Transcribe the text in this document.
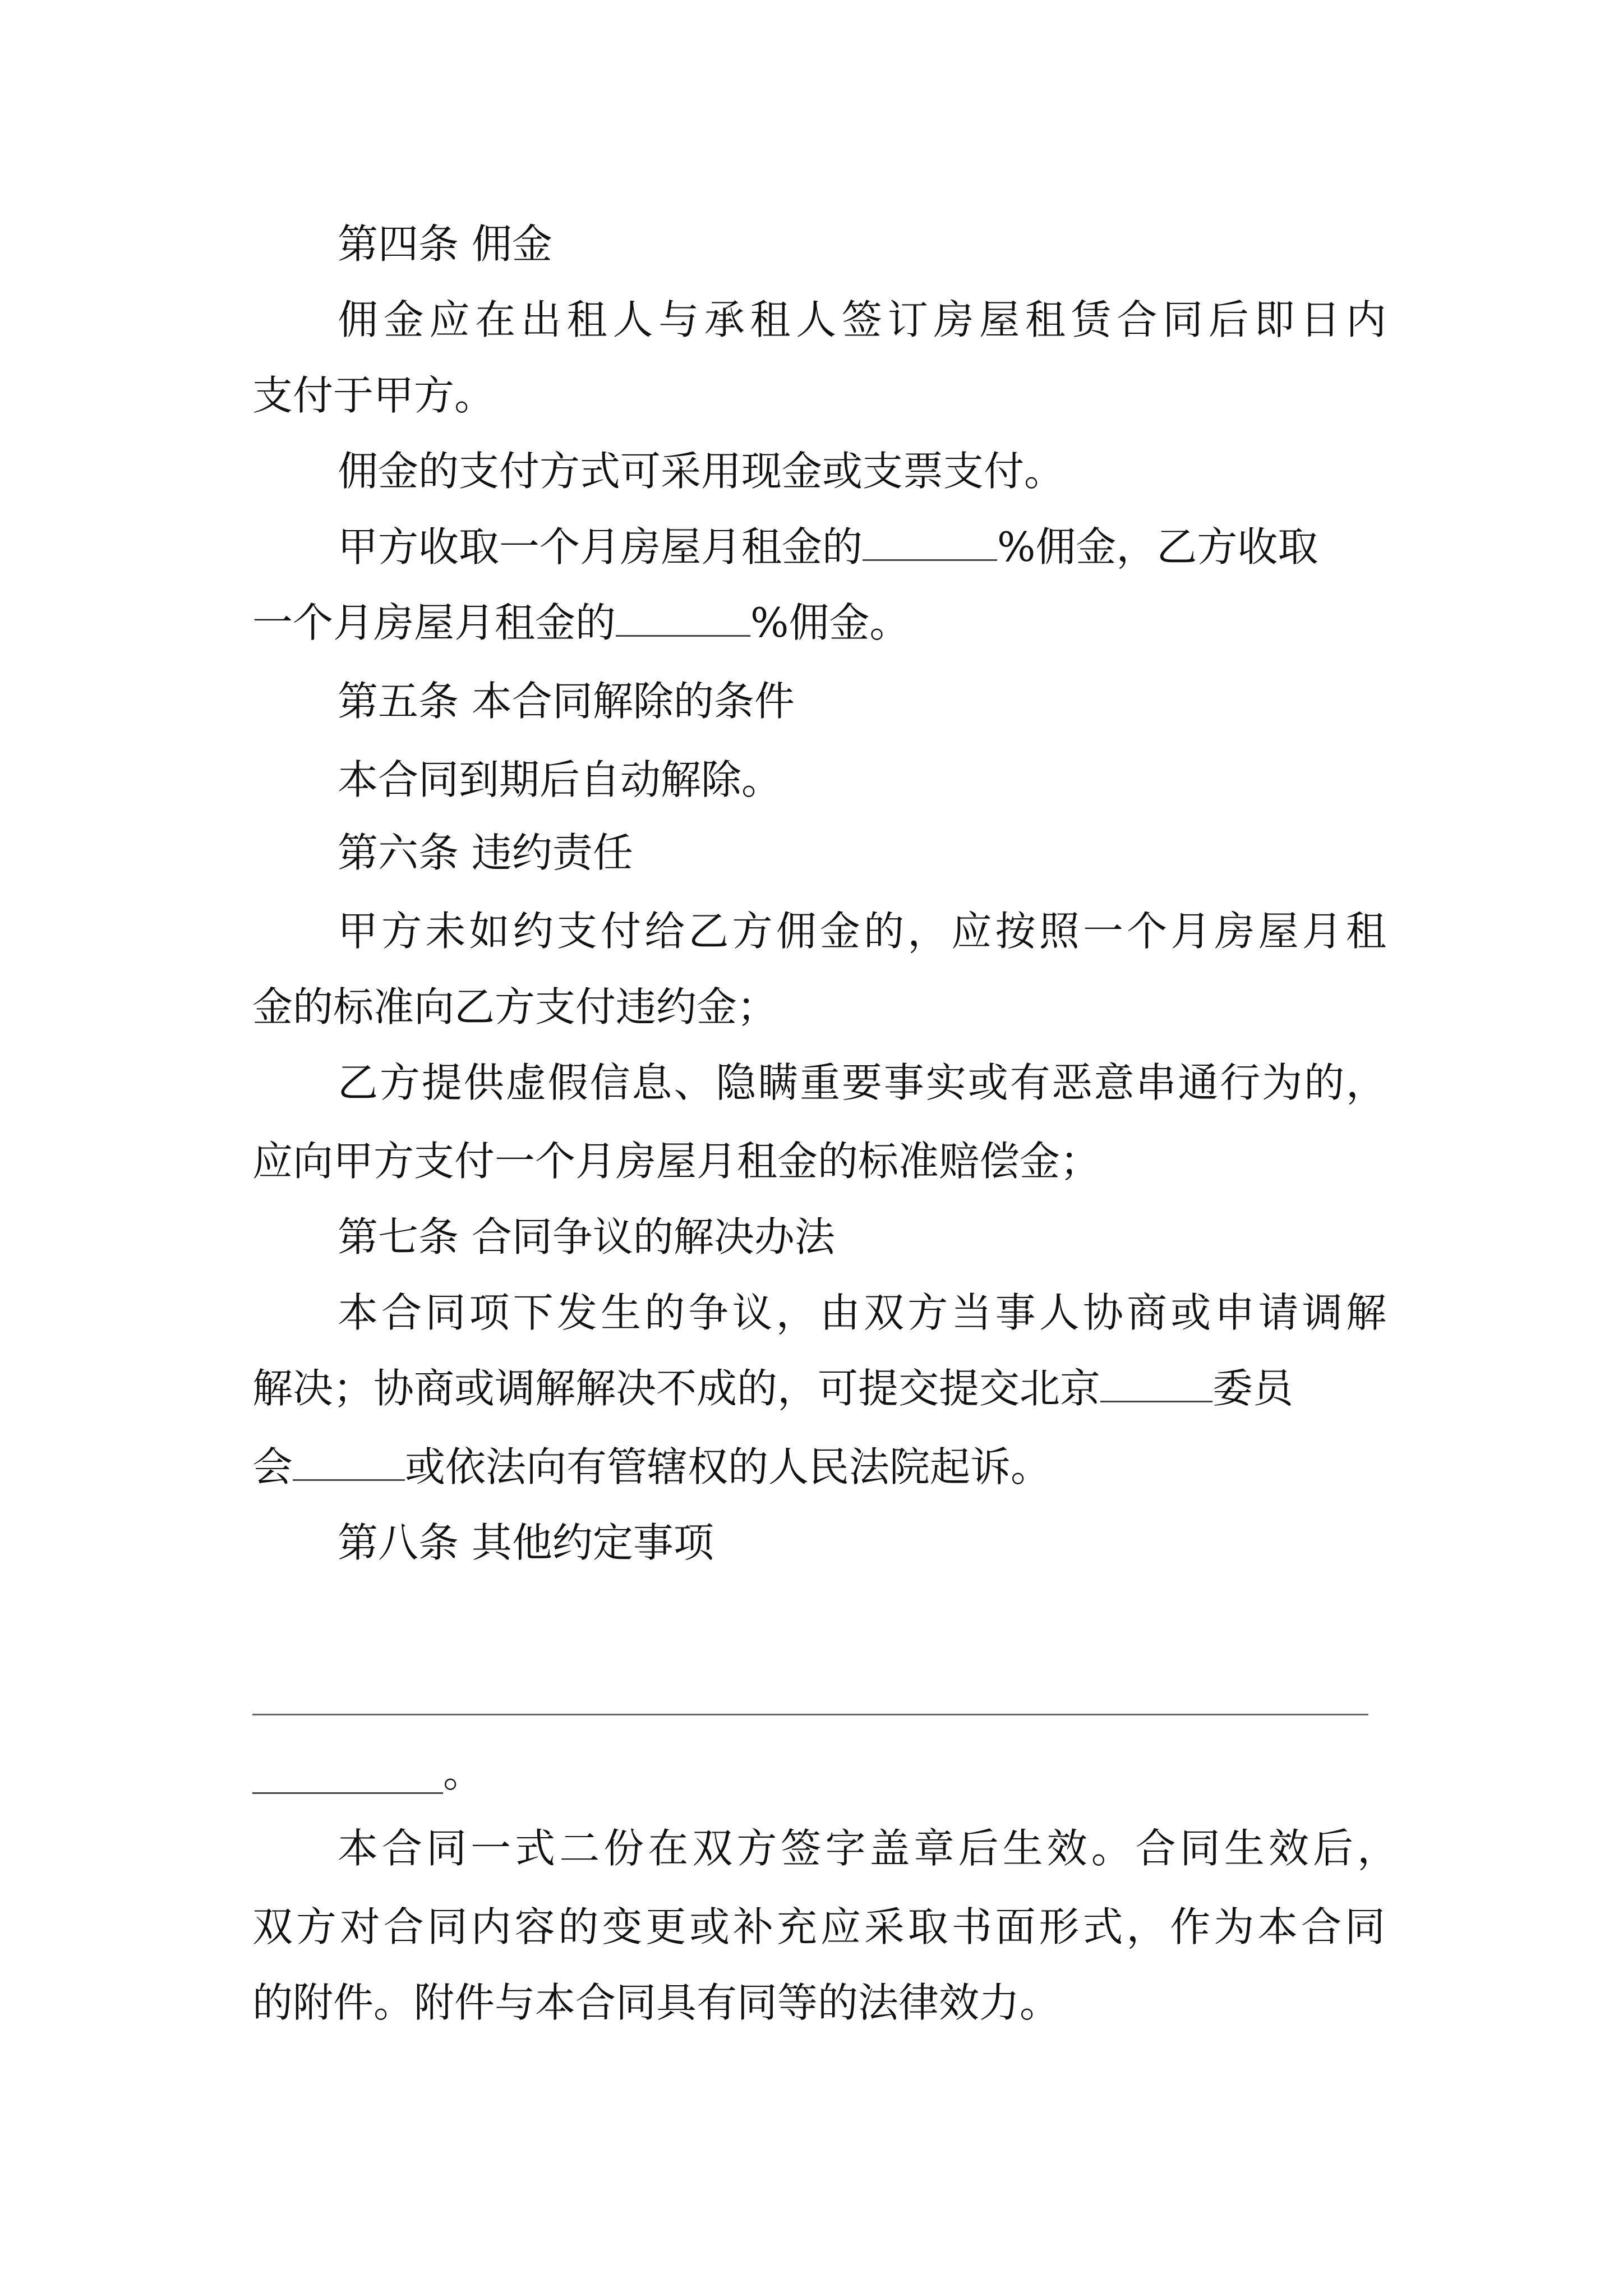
第四条 佣金
佣金应在出租人与承租人签订房屋租赁合同后即日内
支付于甲方。
佣金的支付方式可采用现金或支票支付。
甲方收取一个月房屋月租金的	%佣金，乙方收取
一个月房屋月租金的	%佣金。
第五条 本合同解除的条件
本合同到期后自动解除。
第六条 违约责任
甲方未如约支付给乙方佣金的，应按照一个月房屋月租
金的标准向乙方支付违约金；
乙方提供虚假信息、隐瞒重要事实或有恶意串通行为的，
应向甲方支付一个月房屋月租金的标准赔偿金；
第七条 合同争议的解决办法
本合同项下发生的争议，由双方当事人协商或申请调解
解决；协商或调解解决不成的，可提交提交北京	委员
会	或依法向有管辖权的人民法院起诉。
第八条 其他约定事项
。
本合同一式二份在双方签字盖章后生效。合同生效后，
双方对合同内容的变更或补充应采取书面形式，作为本合同
的附件。附件与本合同具有同等的法律效力。
